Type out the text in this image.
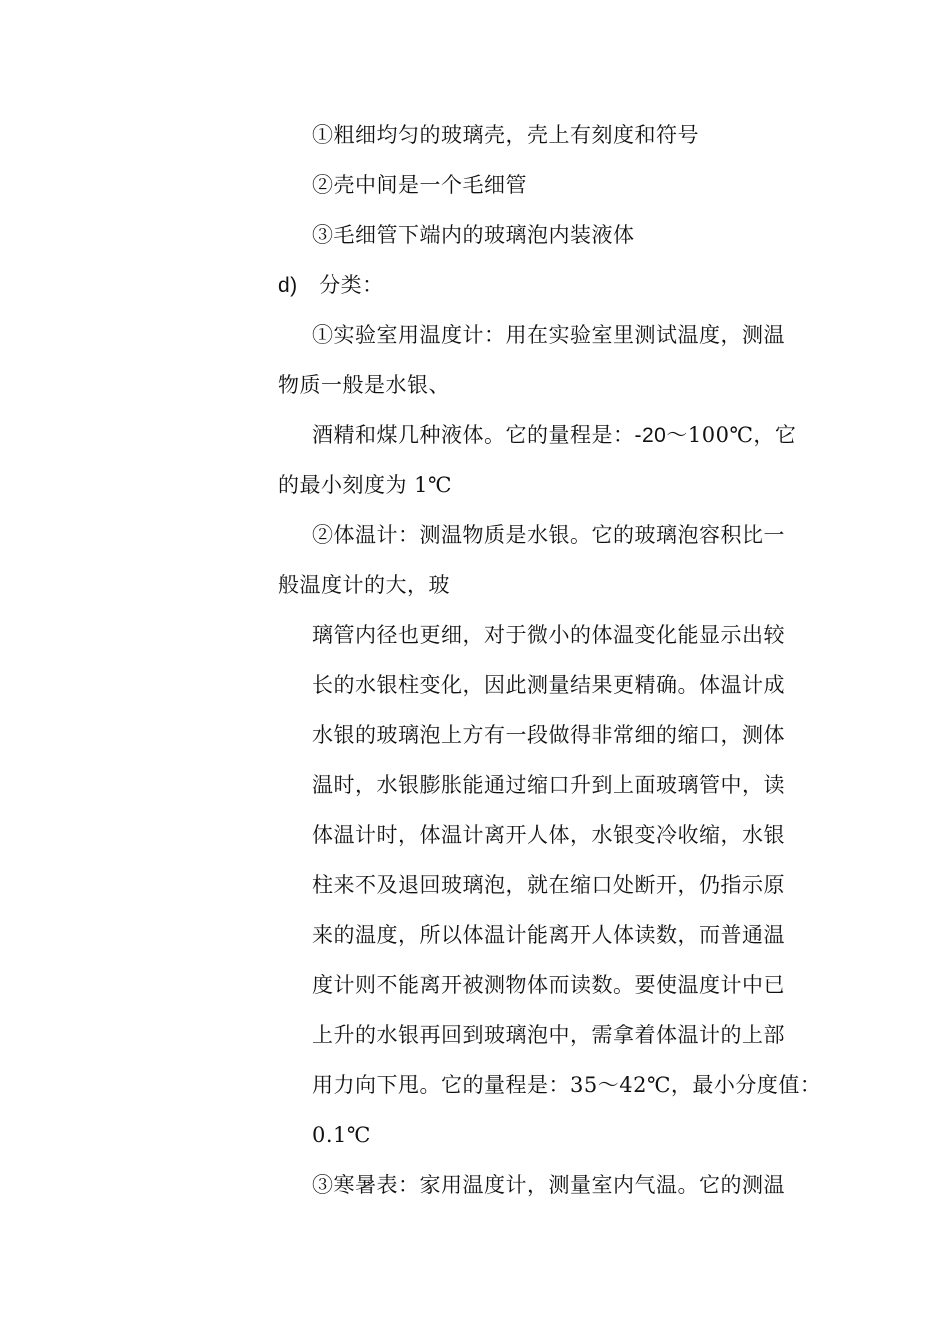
①粗细均匀的玻璃壳，壳上有刻度和符号
②壳中间是一个毛细管
③毛细管下端内的玻璃泡内装液体
d) 分类：
①实验室用温度计：用在实验室里测试温度，测温
物质一般是水银、
酒精和煤几种液体。它的量程是：-20～100℃，它
的最小刻度为 1℃
②体温计：测温物质是水银。它的玻璃泡容积比一
般温度计的大，玻
璃管内径也更细，对于微小的体温变化能显示出较
长的水银柱变化，因此测量结果更精确。体温计成
水银的玻璃泡上方有一段做得非常细的缩口，测体
温时，水银膨胀能通过缩口升到上面玻璃管中，读
体温计时，体温计离开人体，水银变冷收缩，水银
柱来不及退回玻璃泡，就在缩口处断开，仍指示原
来的温度，所以体温计能离开人体读数，而普通温
度计则不能离开被测物体而读数。要使温度计中已
上升的水银再回到玻璃泡中，需拿着体温计的上部
用力向下甩。它的量程是：35～42℃，最小分度值：
0.1℃
③寒暑表：家用温度计，测量室内气温。它的测温
